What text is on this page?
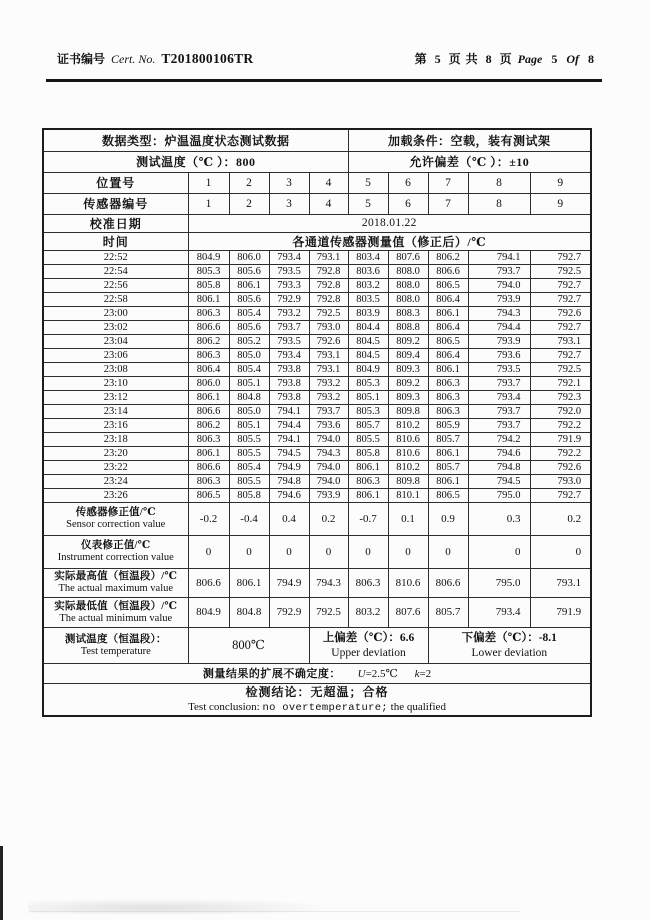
证书编号 Cert. No. T201800106TR	第 5 页 共 8 页 Page 5 Of 8
数据类型：炉温温度状态测试数据					加载条件：空载，装有测试架				
测试温度（℃ ）：800					允许偏差（℃ ）：±10				
位置号	1	2	3	4	5	6	7	8	9
传感器编号	1	2	3	4	5	6	7	8	9
校准日期	2018.01.22								
时间	各通道传感器测量值（修正后）/℃								
22:52	804.9	806.0	793.4	793.1	803.4	807.6	806.2	794.1	792.7
22:54	805.3	805.6	793.5	792.8	803.6	808.0	806.6	793.7	792.5
22:56	805.8	806.1	793.3	792.8	803.2	808.0	806.5	794.0	792.7
22:58	806.1	805.6	792.9	792.8	803.5	808.0	806.4	793.9	792.7
23:00	806.3	805.4	793.2	792.5	803.9	808.3	806.1	794.3	792.6
23:02	806.6	805.6	793.7	793.0	804.4	808.8	806.4	794.4	792.7
23:04	806.2	805.2	793.5	792.6	804.5	809.2	806.5	793.9	793.1
23:06	806.3	805.0	793.4	793.1	804.5	809.4	806.4	793.6	792.7
23:08	806.4	805.4	793.8	793.1	804.9	809.3	806.1	793.5	792.5
23:10	806.0	805.1	793.8	793.2	805.3	809.2	806.3	793.7	792.1
23:12	806.1	804.8	793.8	793.2	805.1	809.3	806.3	793.4	792.3
23:14	806.6	805.0	794.1	793.7	805.3	809.8	806.3	793.7	792.0
23:16	806.2	805.1	794.4	793.6	805.7	810.2	805.9	793.7	792.2
23:18	806.3	805.5	794.1	794.0	805.5	810.6	805.7	794.2	791.9
23:20	806.1	805.5	794.5	794.3	805.8	810.6	806.1	794.6	792.2
23:22	806.6	805.4	794.9	794.0	806.1	810.2	805.7	794.8	792.6
23:24	806.3	805.5	794.8	794.0	806.3	809.8	806.1	794.5	793.0
23:26	806.5	805.8	794.6	793.9	806.1	810.1	806.5	795.0	792.7

传感器修正值/℃
Sensor correction value	-0.2	-0.4	0.4	0.2	-0.7	0.1	0.9	0.3	0.2

仪表修正值/℃
Instrument correction value	0	0	0	0	0	0	0	0	0

实际最高值（恒温段）/℃
The actual maximum value	806.6	806.1	794.9	794.3	806.3	810.6	806.6	795.0	793.1

实际最低值（恒温段）/℃
The actual minimum value	804.9	804.8	792.9	792.5	803.2	807.6	805.7	793.4	791.9

测试温度（恒温段）：
Test temperature	800℃	
上偏差（℃）：6.6
Upper deviation

下偏差（℃）：-8.1
Lower deviation

测量结果的扩展不确定度： U=2.5℃ k=2									

检测结论：无超温；合格
Test conclusion: no overtemperature; the qualified									
